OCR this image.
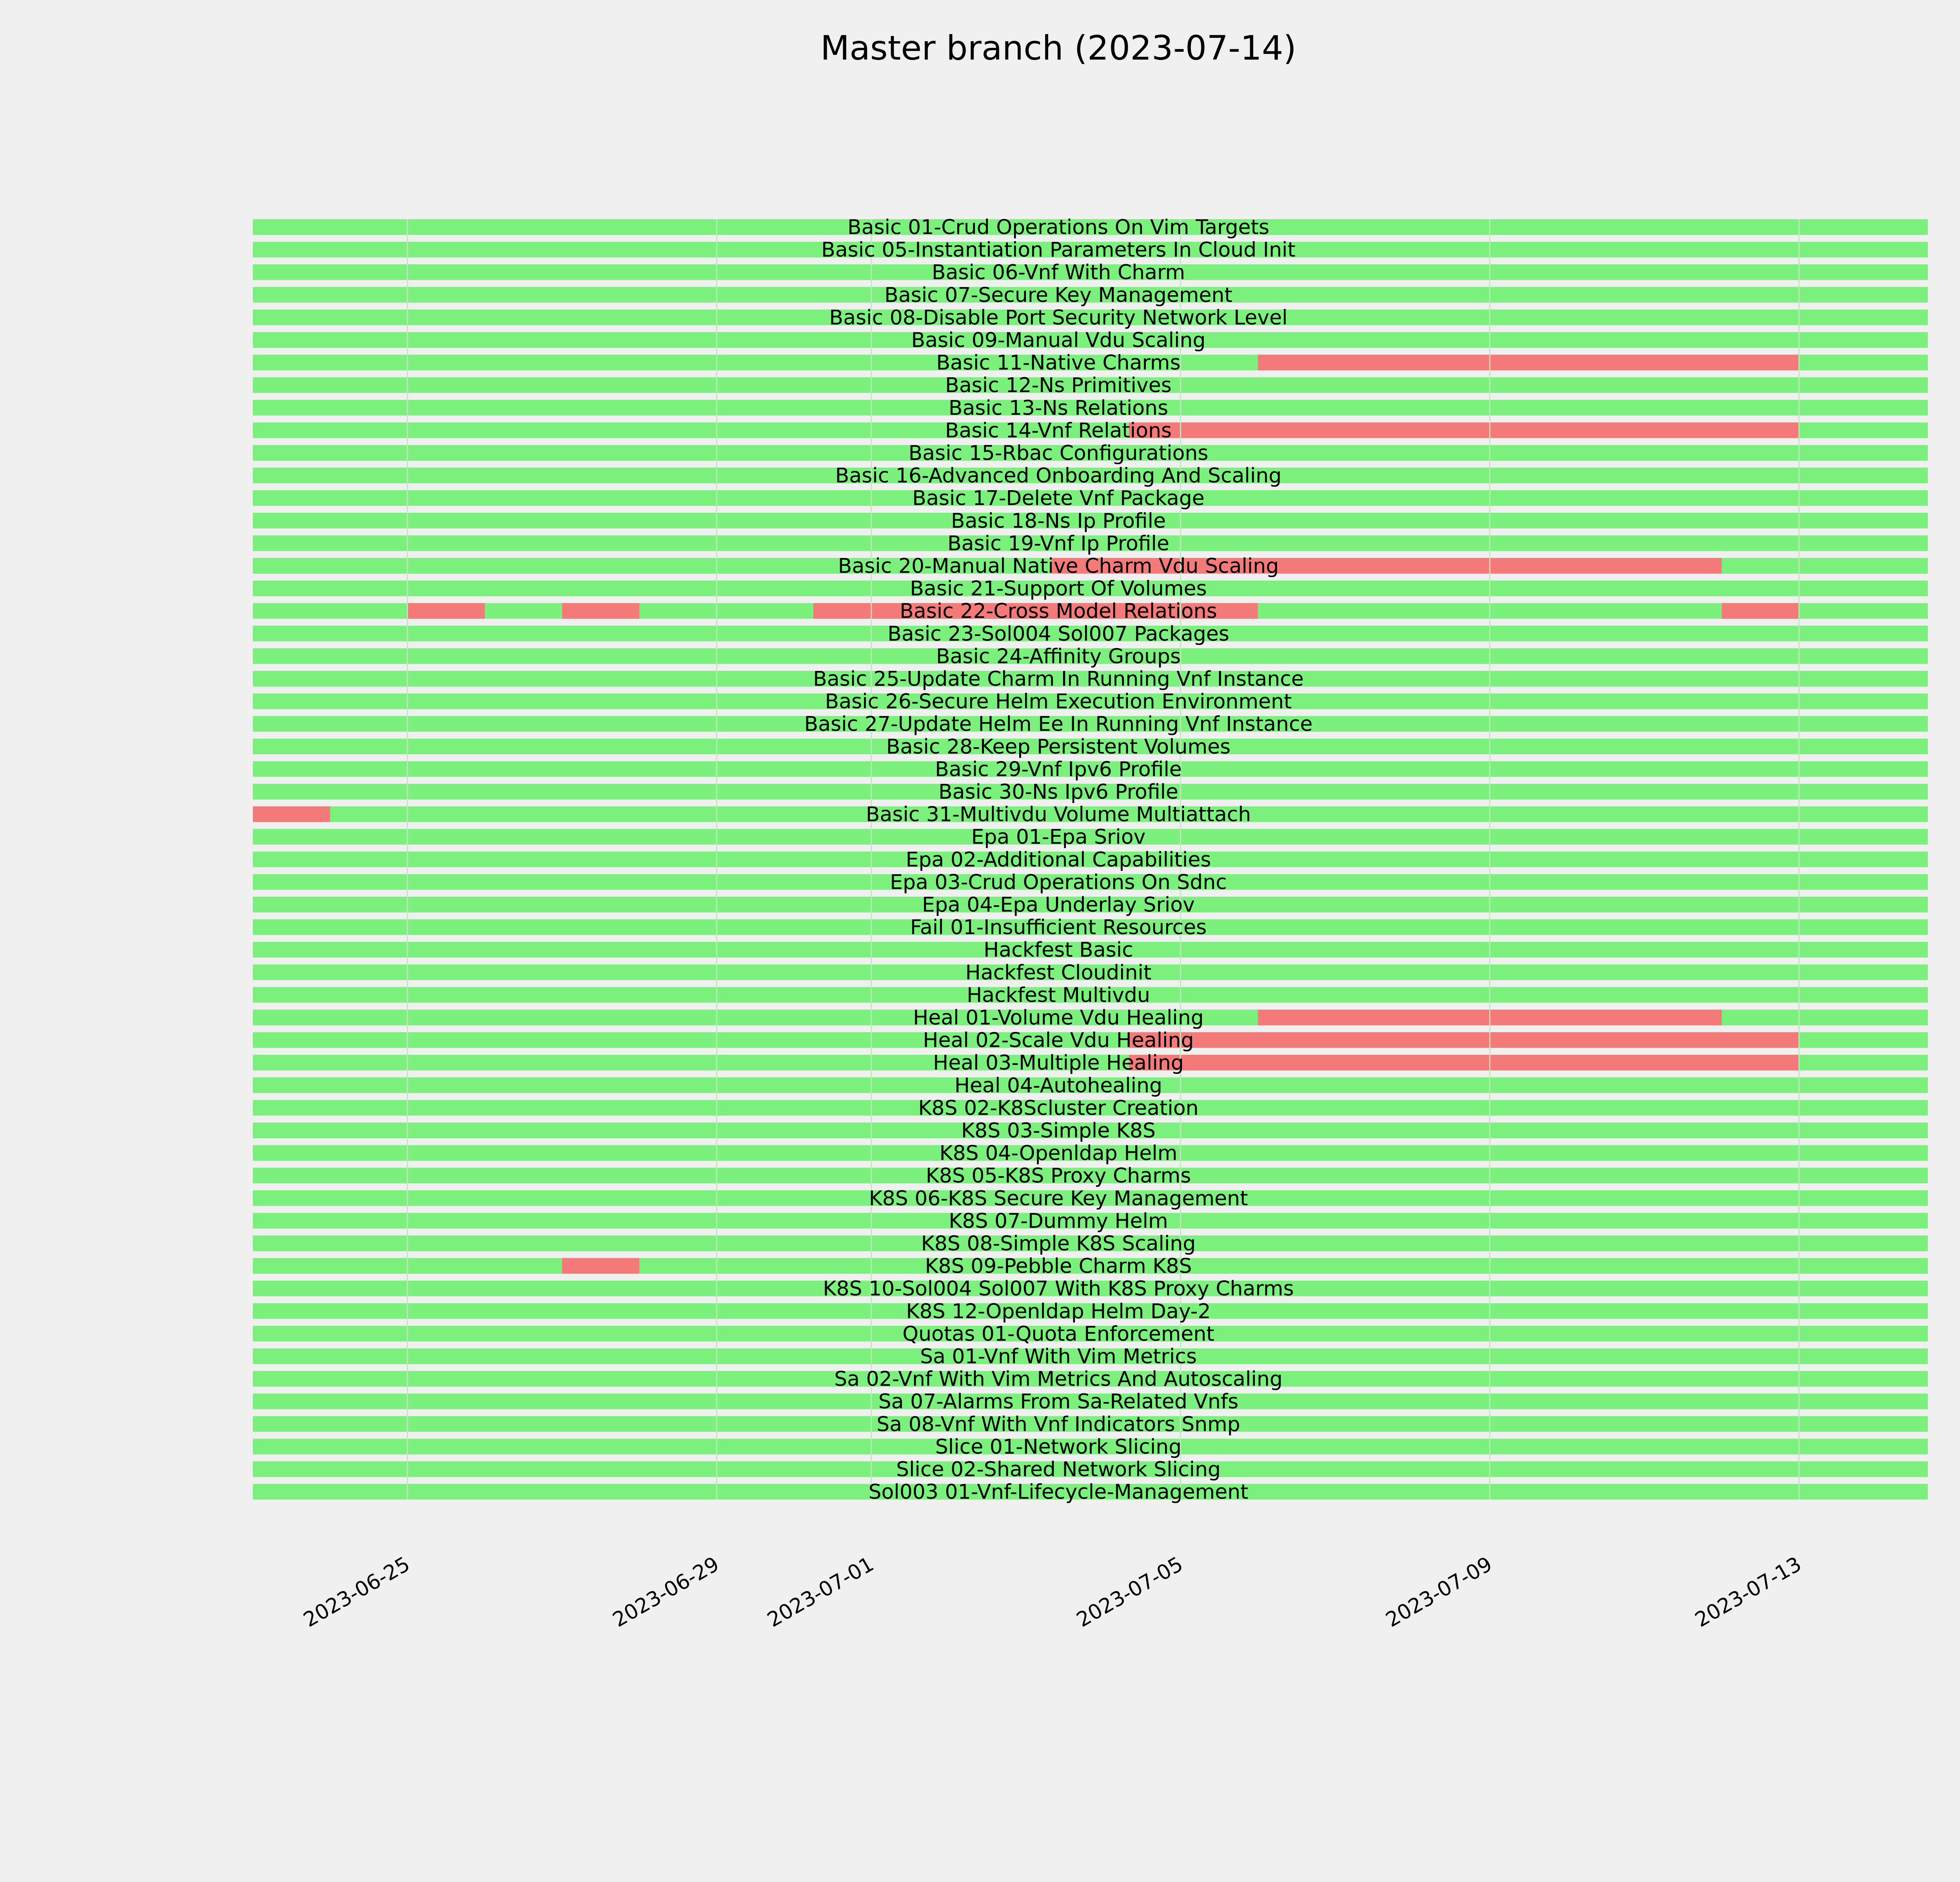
Master branch (2023-07-14)
2023-06-25	2023-06-29 2023-07-01	2023-07-05	2023-07-09	2023-07-13
Basic 01-Crud Operations On Vim Targets
Basic 05-Instantiation Parameters In Cloud Init
Basic 06-Vnf With Charm
Basic 07-Secure Key Management
Basic 08-Disable Port Security Network Level
Basic 09-Manual Vdu Scaling
Basic 11-Native Charms
Basic 12-Ns Primitives
Basic 13-Ns Relations
Basic 14-Vnf Relations
Basic 15-Rbac Configurations
Basic 16-Advanced Onboarding And Scaling
Basic 17-Delete Vnf Package
Basic 18-Ns Ip Profile
Basic 19-Vnf Ip Profile
Basic 20-Manual Native Charm Vdu Scaling
Basic 21-Support Of Volumes
Basic 22-Cross Model Relations
Basic 23-Sol004 Sol007 Packages
Basic 24-Affinity Groups
Basic 25-Update Charm In Running Vnf Instance
Basic 26-Secure Helm Execution Environment
Basic 27-Update Helm Ee In Running Vnf Instance
Basic 28-Keep Persistent Volumes
Basic 29-Vnf Ipv6 Profile
Basic 30-Ns Ipv6 Profile
Basic 31-Multivdu Volume Multiattach
Epa 01-Epa Sriov
Epa 02-Additional Capabilities
Epa 03-Crud Operations On Sdnc
Epa 04-Epa Underlay Sriov
Fail 01-Insufficient Resources
Hackfest Basic
Hackfest Cloudinit
Hackfest Multivdu
Heal 01-Volume Vdu Healing
Heal 02-Scale Vdu Healing
Heal 03-Multiple Healing
Heal 04-Autohealing
K8S 02-K8Scluster Creation
K8S 03-Simple K8S
K8S 04-Openldap Helm
K8S 05-K8S Proxy Charms
K8S 06-K8S Secure Key Management
K8S 07-Dummy Helm
K8S 08-Simple K8S Scaling
K8S 09-Pebble Charm K8S
K8S 10-Sol004 Sol007 With K8S Proxy Charms
K8S 12-Openldap Helm Day-2
Quotas 01-Quota Enforcement
Sa 01-Vnf With Vim Metrics
Sa 02-Vnf With Vim Metrics And Autoscaling
Sa 07-Alarms From Sa-Related Vnfs
Sa 08-Vnf With Vnf Indicators Snmp
Slice 01-Network Slicing
Slice 02-Shared Network Slicing
Sol003 01-Vnf-Lifecycle-Management
